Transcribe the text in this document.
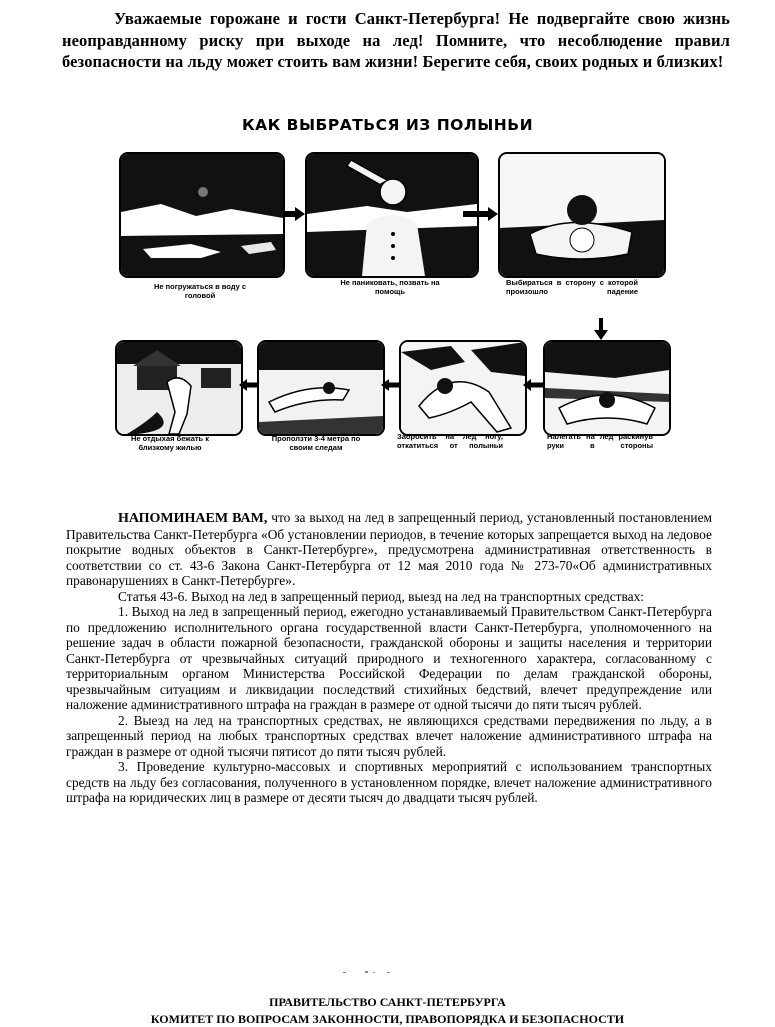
Уважаемые горожане и гости Санкт-Петербурга! Не подвергайте свою жизнь неоправданному риску при выходе на лед! Помните, что несоблюдение правил безопасности на льду может стоить вам жизни! Берегите себя, своих родных и близких!

КАК ВЫБРАТЬСЯ ИЗ ПОЛЫНЬИ

Не погружаться в воду с головой

Не паниковать, позвать на помощь

Выбираться в сторону с которой произошло падение

Не отдыхая бежать к близкому жилью

Проползти 3-4 метра по своим следам

Забросить на лед ногу, откатиться от полыньи

Налегать на лед раскинув руки в стороны

НАПОМИНАЕМ ВАМ, что за выход на лед в запрещенный период, установленный постановлением Правительства Санкт-Петербурга «Об установлении периодов, в течение которых запрещается выход на ледовое покрытие водных объектов в Санкт-Петербурге», предусмотрена административная ответственность в соответствии со ст. 43-6 Закона Санкт-Петербурга от 12 мая 2010 года № 273-70«Об административных правонарушениях в Санкт-Петербурге».

Статья 43-6. Выход на лед в запрещенный период, выезд на лед на транспортных средствах:

1. Выход на лед в запрещенный период, ежегодно устанавливаемый Правительством Санкт-Петербурга по предложению исполнительного органа государственной власти Санкт-Петербурга, уполномоченного на решение задач в области пожарной безопасности, гражданской обороны и защиты населения и территории Санкт-Петербурга от чрезвычайных ситуаций природного и техногенного характера, согласованному с территориальным органом Министерства Российской Федерации по делам гражданской обороны, чрезвычайным ситуациям и ликвидации последствий стихийных бедствий, влечет предупреждение или наложение административного штрафа на граждан в размере от одной тысячи до пяти тысяч рублей.

2. Выезд на лед на транспортных средствах, не являющихся средствами передвижения по льду, а в запрещенный период на любых транспортных средствах влечет наложение административного штрафа на граждан в размере от одной тысячи пятисот до пяти тысяч рублей.

3. Проведение культурно-массовых и спортивных мероприятий с использованием транспортных средств на льду без согласования, полученного в установленном порядке, влечет наложение административного штрафа на юридических лиц в размере от десяти тысяч до двадцати тысяч рублей.

ПРАВИТЕЛЬСТВО САНКТ-ПЕТЕРБУРГА

КОМИТЕТ ПО ВОПРОСАМ ЗАКОННОСТИ, ПРАВОПОРЯДКА И БЕЗОПАСНОСТИ
